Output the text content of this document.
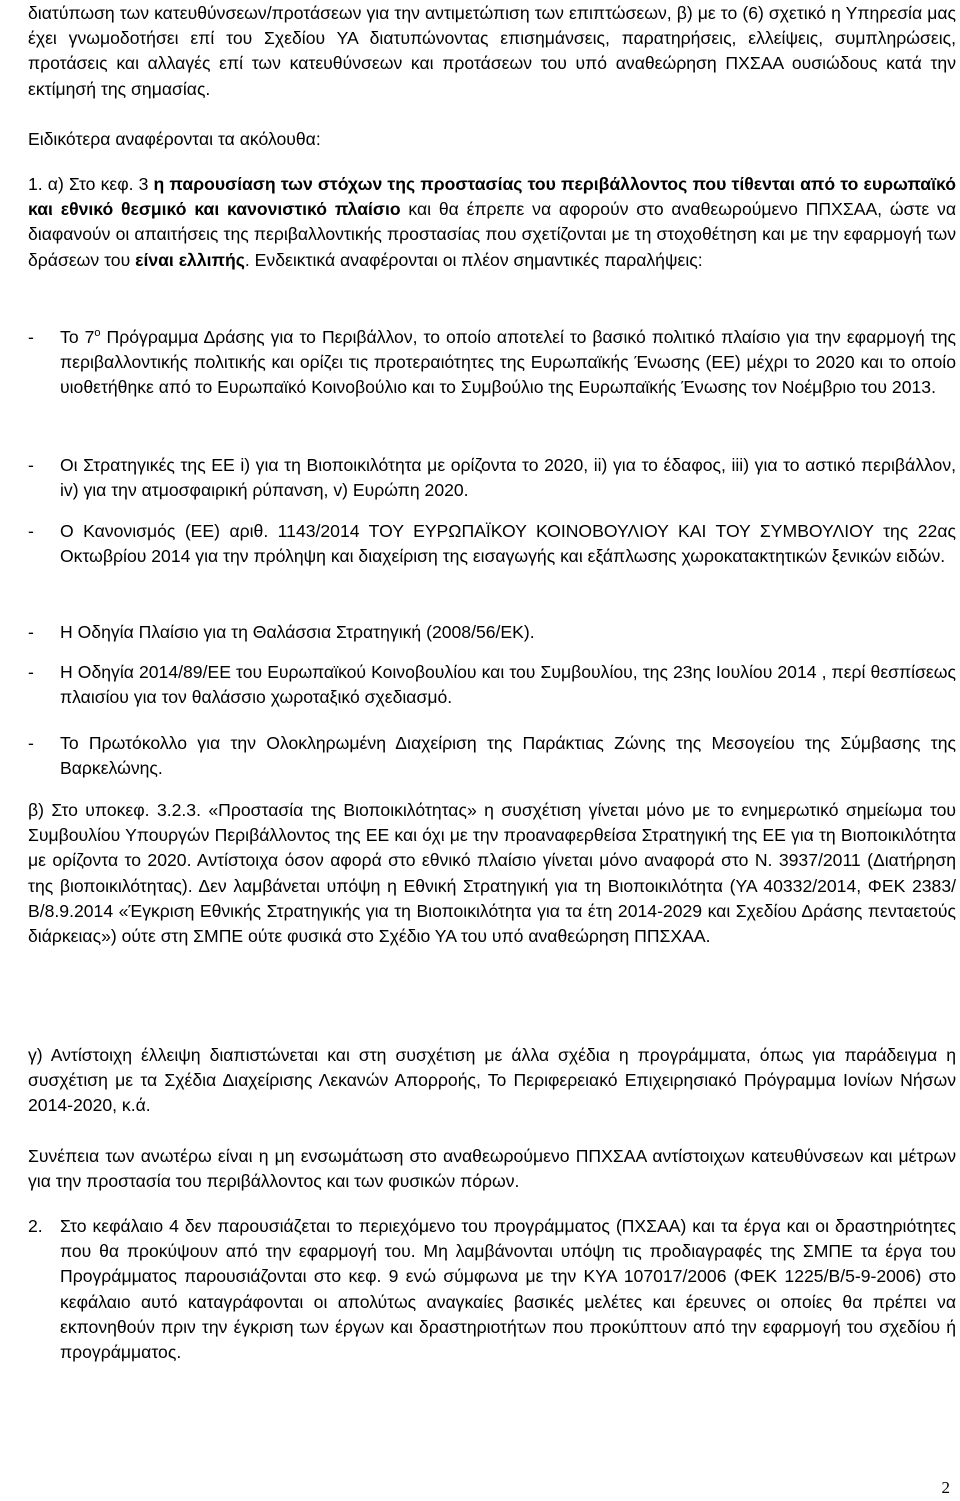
διατύπωση των κατευθύνσεων/προτάσεων για την αντιμετώπιση των επιπτώσεων, β) με το (6) σχετικό η Υπηρεσία μας έχει γνωμοδοτήσει επί του Σχεδίου ΥΑ διατυπώνοντας επισημάνσεις, παρατηρήσεις, ελλείψεις, συμπληρώσεις, προτάσεις και αλλαγές επί των κατευθύνσεων και προτάσεων του υπό αναθεώρηση ΠΧΣΑΑ ουσιώδους κατά την εκτίμησή της σημασίας.

Ειδικότερα αναφέρονται τα ακόλουθα:

1. α) Στο κεφ. 3 η παρουσίαση των στόχων της προστασίας του περιβάλλοντος που τίθενται από το ευρωπαϊκό και εθνικό θεσμικό και κανονιστικό πλαίσιο και θα έπρεπε να αφορούν στο αναθεωρούμενο ΠΠΧΣΑΑ, ώστε να διαφανούν οι απαιτήσεις της περιβαλλοντικής προστασίας που σχετίζονται με τη στοχοθέτηση και με την εφαρμογή των δράσεων του είναι ελλιπής. Ενδεικτικά αναφέρονται οι πλέον σημαντικές παραλήψεις:

- Το $7^o$ Πρόγραμμα Δράσης για το Περιβάλλον, το οποίο αποτελεί το βασικό πολιτικό πλαίσιο για την εφαρμογή της περιβαλλοντικής πολιτικής και ορίζει τις προτεραιότητες της Ευρωπαϊκής Ένωσης (ΕΕ) μέχρι το 2020 και το οποίο υιοθετήθηκε από το Ευρωπαϊκό Κοινοβούλιο και το Συμβούλιο της Ευρωπαϊκής Ένωσης τον Νοέμβριο του 2013.
- Οι Στρατηγικές της ΕΕ i) για τη Βιοποικιλότητα με ορίζοντα το 2020, ii) για το έδαφος, iii) για το αστικό περιβάλλον, iv) για την ατμοσφαιρική ρύπανση, v) Ευρώπη 2020.
- Ο Κανονισμός (ΕΕ) αριθ. 1143/2014 ΤΟΥ ΕΥΡΩΠΑΪΚΟΥ ΚΟΙΝΟΒΟΥΛΙΟΥ ΚΑΙ ΤΟΥ ΣΥΜΒΟΥΛΙΟΥ της 22ας Οκτωβρίου 2014 για την πρόληψη και διαχείριση της εισαγωγής και εξάπλωσης χωροκατακτητικών ξενικών ειδών.
- Η Οδηγία Πλαίσιο για τη Θαλάσσια Στρατηγική (2008/56/ΕΚ).
- Η Οδηγία 2014/89/ΕΕ του Ευρωπαϊκού Κοινοβουλίου και του Συμβουλίου, της 23ης Ιουλίου 2014 , περί θεσπίσεως πλαισίου για τον θαλάσσιο χωροταξικό σχεδιασμό.
- Το Πρωτόκολλο για την Ολοκληρωμένη Διαχείριση της Παράκτιας Ζώνης της Μεσογείου της Σύμβασης της Βαρκελώνης.

β) Στο υποκεφ. 3.2.3. «Προστασία της Βιοποικιλότητας» η συσχέτιση γίνεται μόνο με το ενημερωτικό σημείωμα του Συμβουλίου Υπουργών Περιβάλλοντος της ΕΕ και όχι με την προαναφερθείσα Στρατηγική της ΕΕ για τη Βιοποικιλότητα με ορίζοντα το 2020. Αντίστοιχα όσον αφορά στο εθνικό πλαίσιο γίνεται μόνο αναφορά στο Ν. 3937/2011 (Διατήρηση της βιοποικιλότητας). Δεν λαμβάνεται υπόψη η Εθνική Στρατηγική για τη Βιοποικιλότητα (ΥΑ 40332/2014, ΦΕΚ 2383/Β/8.9.2014 «Έγκριση Εθνικής Στρατηγικής για τη Βιοποικιλότητα για τα έτη 2014-2029 και Σχεδίου Δράσης πενταετούς διάρκειας») ούτε στη ΣΜΠΕ ούτε φυσικά στο Σχέδιο ΥΑ του υπό αναθεώρηση ΠΠΣΧΑΑ.

γ) Αντίστοιχη έλλειψη διαπιστώνεται και στη συσχέτιση με άλλα σχέδια η προγράμματα, όπως για παράδειγμα η συσχέτιση με τα Σχέδια Διαχείρισης Λεκανών Απορροής, Το Περιφερειακό Επιχειρησιακό Πρόγραμμα Ιονίων Νήσων 2014-2020, κ.ά.

Συνέπεια των ανωτέρω είναι η μη ενσωμάτωση στο αναθεωρούμενο ΠΠΧΣΑΑ αντίστοιχων κατευθύνσεων και μέτρων για την προστασία του περιβάλλοντος και των φυσικών πόρων.

2. Στο κεφάλαιο 4 δεν παρουσιάζεται το περιεχόμενο του προγράμματος (ΠΧΣΑΑ) και τα έργα και οι δραστηριότητες που θα προκύψουν από την εφαρμογή του. Μη λαμβάνονται υπόψη τις προδιαγραφές της ΣΜΠΕ τα έργα του Προγράμματος παρουσιάζονται στο κεφ. 9 ενώ σύμφωνα με την ΚΥΑ 107017/2006 (ΦΕΚ 1225/Β/5-9-2006) στο κεφάλαιο αυτό καταγράφονται οι απολύτως αναγκαίες βασικές μελέτες και έρευνες οι οποίες θα πρέπει να εκπονηθούν πριν την έγκριση των έργων και δραστηριοτήτων που προκύπτουν από την εφαρμογή του σχεδίου ή προγράμματος.
2
